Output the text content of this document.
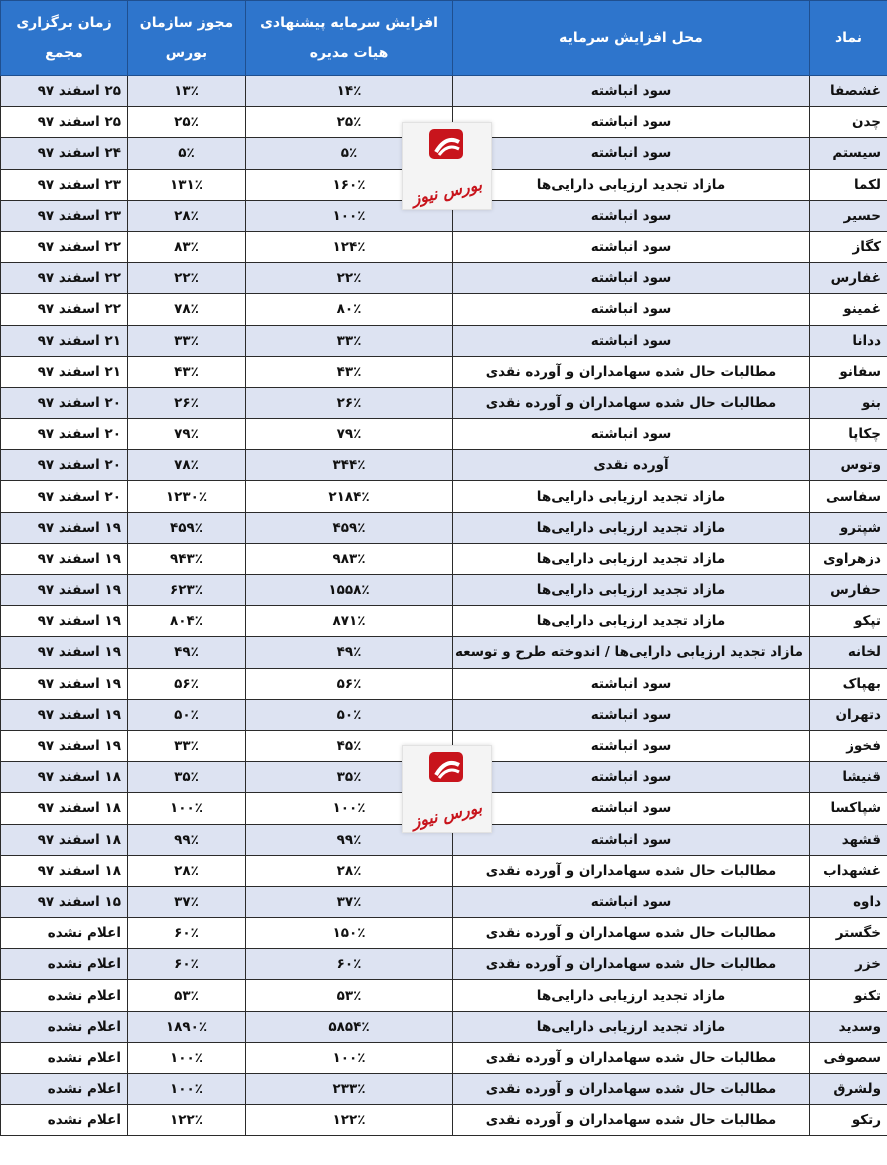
نماد	محل افزایش سرمایه	افزایش سرمایه پیشنهادی هیات مدیره	مجوز سازمان بورس	زمان برگزاری مجمع
غشصفا	سود انباشته	۱۴٪	۱۳٪	۲۵ اسفند ۹۷
چدن	سود انباشته	۲۵٪	۲۵٪	۲۵ اسفند ۹۷
سیستم	سود انباشته	۵٪	۵٪	۲۴ اسفند ۹۷
لکما	مازاد تجدید ارزیابی دارایی‌ها	۱۶۰٪	۱۳۱٪	۲۳ اسفند ۹۷
حسیر	سود انباشته	۱۰۰٪	۲۸٪	۲۳ اسفند ۹۷
کگاز	سود انباشته	۱۲۴٪	۸۳٪	۲۲ اسفند ۹۷
غفارس	سود انباشته	۲۲٪	۲۲٪	۲۲ اسفند ۹۷
غمینو	سود انباشته	۸۰٪	۷۸٪	۲۲ اسفند ۹۷
ددانا	سود انباشته	۳۳٪	۳۳٪	۲۱ اسفند ۹۷
سفانو	مطالبات حال شده سهامداران و آورده نقدی	۴۳٪	۴۳٪	۲۱ اسفند ۹۷
بنو	مطالبات حال شده سهامداران و آورده نقدی	۲۶٪	۲۶٪	۲۰ اسفند ۹۷
چکاپا	سود انباشته	۷۹٪	۷۹٪	۲۰ اسفند ۹۷
وتوس	آورده نقدی	۳۴۴٪	۷۸٪	۲۰ اسفند ۹۷
سفاسی	مازاد تجدید ارزیابی دارایی‌ها	۲۱۸۴٪	۱۲۳۰٪	۲۰ اسفند ۹۷
شپترو	مازاد تجدید ارزیابی دارایی‌ها	۴۵۹٪	۴۵۹٪	۱۹ اسفند ۹۷
دزهراوی	مازاد تجدید ارزیابی دارایی‌ها	۹۸۳٪	۹۴۳٪	۱۹ اسفند ۹۷
حفارس	مازاد تجدید ارزیابی دارایی‌ها	۱۵۵۸٪	۶۲۳٪	۱۹ اسفند ۹۷
تپکو	مازاد تجدید ارزیابی دارایی‌ها	۸۷۱٪	۸۰۴٪	۱۹ اسفند ۹۷
لخانه	مازاد تجدید ارزیابی دارایی‌ها / اندوخته طرح و توسعه	۴۹٪	۴۹٪	۱۹ اسفند ۹۷
بهپاک	سود انباشته	۵۶٪	۵۶٪	۱۹ اسفند ۹۷
دتهران	سود انباشته	۵۰٪	۵۰٪	۱۹ اسفند ۹۷
فخوز	سود انباشته	۴۵٪	۳۳٪	۱۹ اسفند ۹۷
قنیشا	سود انباشته	۳۵٪	۳۵٪	۱۸ اسفند ۹۷
شپاکسا	سود انباشته	۱۰۰٪	۱۰۰٪	۱۸ اسفند ۹۷
قشهد	سود انباشته	۹۹٪	۹۹٪	۱۸ اسفند ۹۷
غشهداب	مطالبات حال شده سهامداران و آورده نقدی	۲۸٪	۲۸٪	۱۸ اسفند ۹۷
داوه	سود انباشته	۳۷٪	۳۷٪	۱۵ اسفند ۹۷
خگستر	مطالبات حال شده سهامداران و آورده نقدی	۱۵۰٪	۶۰٪	اعلام نشده
خزر	مطالبات حال شده سهامداران و آورده نقدی	۶۰٪	۶۰٪	اعلام نشده
تکنو	مازاد تجدید ارزیابی دارایی‌ها	۵۳٪	۵۳٪	اعلام نشده
وسدید	مازاد تجدید ارزیابی دارایی‌ها	۵۸۵۴٪	۱۸۹۰٪	اعلام نشده
سصوفی	مطالبات حال شده سهامداران و آورده نقدی	۱۰۰٪	۱۰۰٪	اعلام نشده
ولشرق	مطالبات حال شده سهامداران و آورده نقدی	۲۳۳٪	۱۰۰٪	اعلام نشده
رتکو	مطالبات حال شده سهامداران و آورده نقدی	۱۲۲٪	۱۲۲٪	اعلام نشده
بورس نیوز
بورس نیوز
